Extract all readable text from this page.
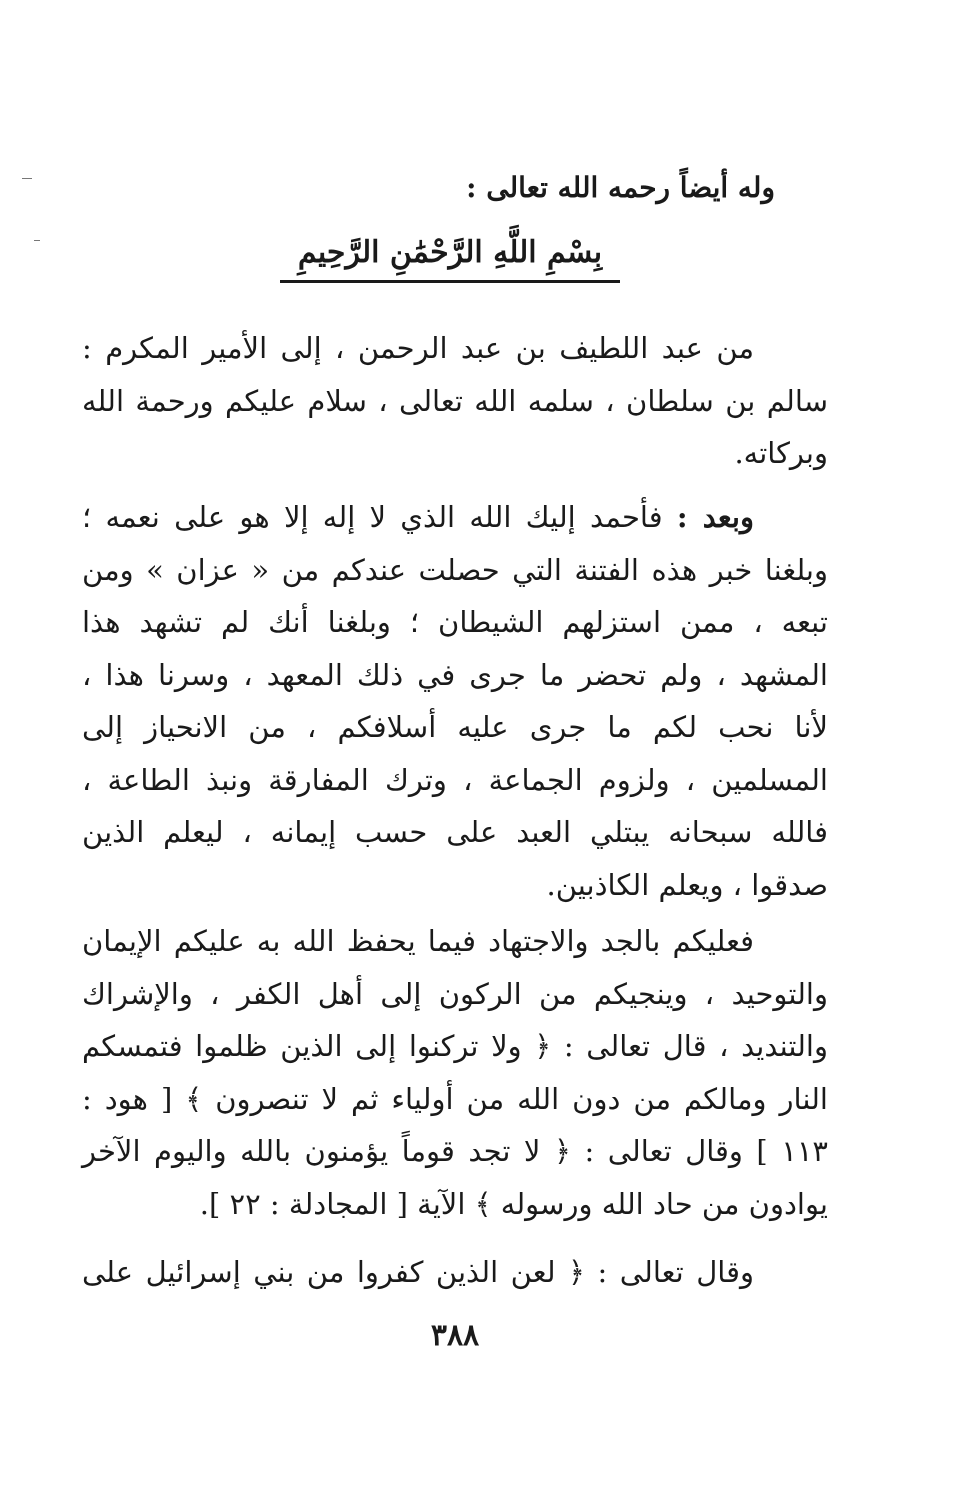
وله أيضاً رحمه الله تعالى :
بِسْمِ اللَّهِ الرَّحْمَٰنِ الرَّحِيمِ

من عبد اللطيف بن عبد الرحمن ، إلى الأمير المكرم :
سالم بن سلطان ، سلمه الله تعالى ، سلام عليكم ورحمة الله
وبركاته.

وبعد : فأحمد إليك الله الذي لا إله إلا هو على نعمه ؛
وبلغنا خبر هذه الفتنة التي حصلت عندكم من « عزان » ومن
تبعه ، ممن استزلهم الشيطان ؛ وبلغنا أنك لم تشهد هذا
المشهد ، ولم تحضر ما جرى في ذلك المعهد ، وسرنا هذا ،
لأنا نحب لكم ما جرى عليه أسلافكم ، من الانحياز إلى
المسلمين ، ولزوم الجماعة ، وترك المفارقة ونبذ الطاعة ،
فالله سبحانه يبتلي العبد على حسب إيمانه ، ليعلم الذين
صدقوا ، ويعلم الكاذبين.

فعليكم بالجد والاجتهاد فيما يحفظ الله به عليكم الإيمان
والتوحيد ، وينجيكم من الركون إلى أهل الكفر ، والإشراك
والتنديد ، قال تعالى : ﴿ ولا تركنوا إلى الذين ظلموا فتمسكم
النار ومالكم من دون الله من أولياء ثم لا تنصرون ﴾ [ هود :
١١٣ ] وقال تعالى : ﴿ لا تجد قوماً يؤمنون بالله واليوم الآخر
يوادون من حاد الله ورسوله ﴾ الآية [ المجادلة : ٢٢ ].

وقال تعالى : ﴿ لعن الذين كفروا من بني إسرائيل على

٣٨٨
